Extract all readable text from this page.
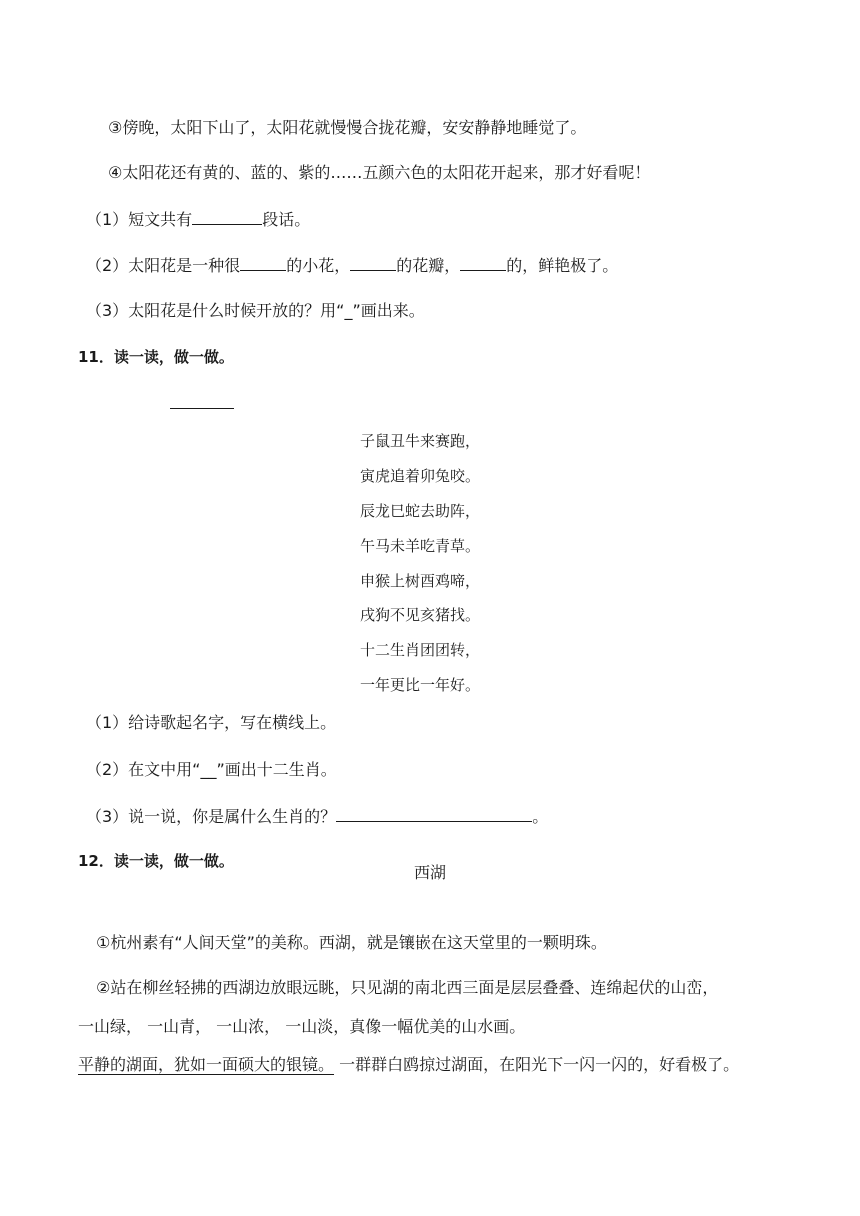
③傍晚，太阳下山了，太阳花就慢慢合拢花瓣，安安静静地睡觉了。
④太阳花还有黄的、蓝的、紫的……五颜六色的太阳花开起来，那才好看呢！
（1）短文共有	段话。
（2）太阳花是一种很	的小花，	的花瓣，	的，鲜艳极了。
（3）太阳花是什么时候开放的？用“_”画出来。
11．读一读，做一做。
子鼠丑牛来赛跑，
寅虎追着卯兔咬。
辰龙巳蛇去助阵，
午马未羊吃青草。
申猴上树酉鸡啼，
戌狗不见亥猪找。
十二生肖团团转，
一年更比一年好。
（1）给诗歌起名字，写在横线上。
（2）在文中用“__”画出十二生肖。
（3）说一说，你是属什么生肖的？	。
12．读一读，做一做。
西湖
①杭州素有“人间天堂”的美称。西湖，就是镶嵌在这天堂里的一颗明珠。
②站在柳丝轻拂的西湖边放眼远眺，只见湖的南北西三面是层层叠叠、连绵起伏的山峦，
一山绿， 一山青， 一山浓， 一山淡，真像一幅优美的山水画。
平静的湖面，犹如一面硕大的银镜。 一群群白鸥掠过湖面，在阳光下一闪一闪的，好看极了。
